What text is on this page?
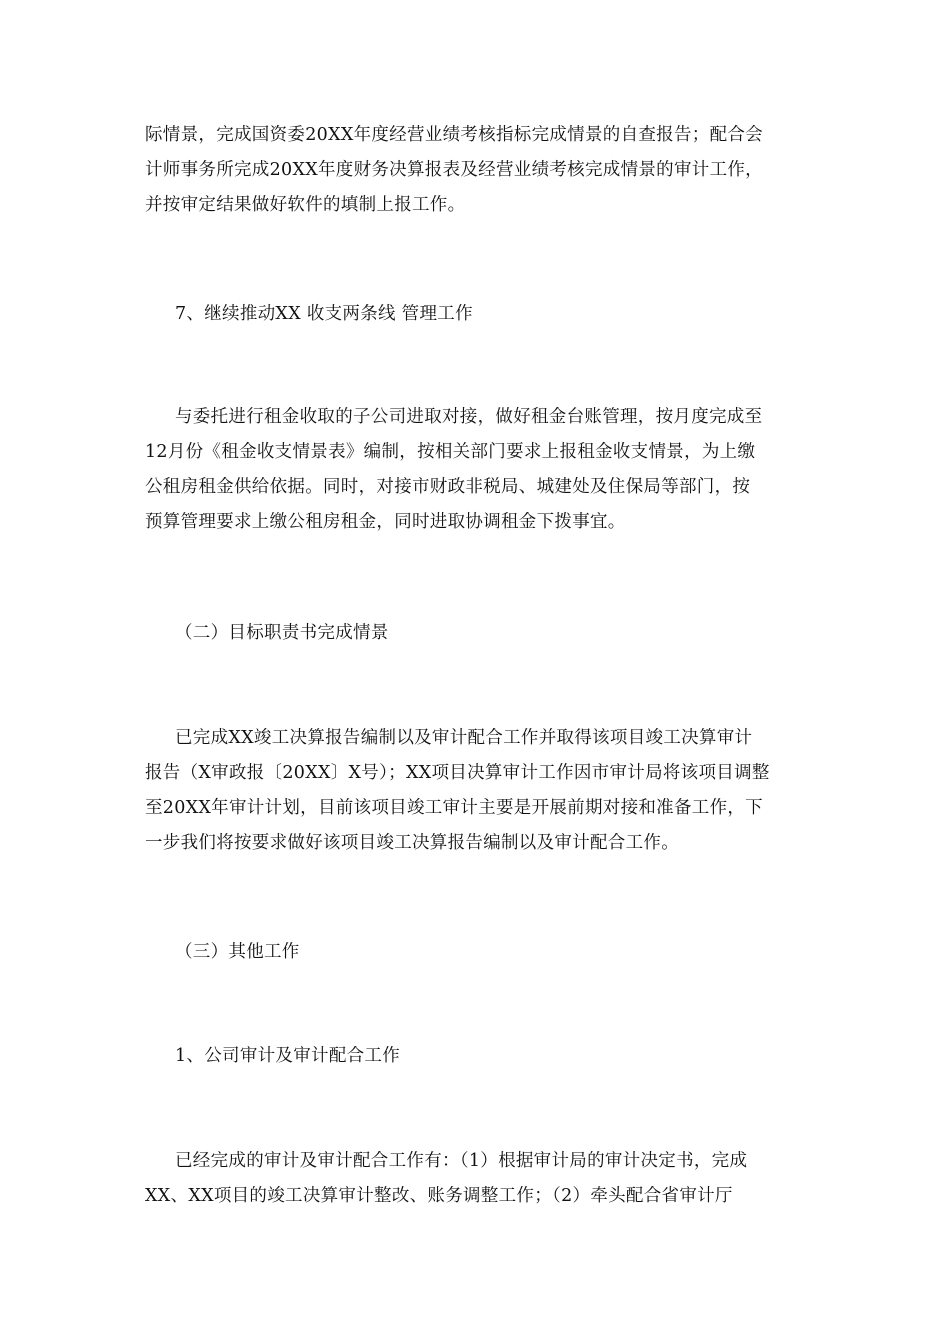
际情景，完成国资委20XX年度经营业绩考核指标完成情景的自查报告；配合会
计师事务所完成20XX年度财务决算报表及经营业绩考核完成情景的审计工作，
并按审定结果做好软件的填制上报工作。
7、继续推动XX 收支两条线 管理工作
与委托进行租金收取的子公司进取对接，做好租金台账管理，按月度完成至
12月份《租金收支情景表》编制，按相关部门要求上报租金收支情景，为上缴
公租房租金供给依据。同时，对接市财政非税局、城建处及住保局等部门，按
预算管理要求上缴公租房租金，同时进取协调租金下拨事宜。
（二）目标职责书完成情景
已完成XX竣工决算报告编制以及审计配合工作并取得该项目竣工决算审计
报告（X审政报〔20XX〕X号）；XX项目决算审计工作因市审计局将该项目调整
至20XX年审计计划，目前该项目竣工审计主要是开展前期对接和准备工作，下
一步我们将按要求做好该项目竣工决算报告编制以及审计配合工作。
（三）其他工作
1、公司审计及审计配合工作
已经完成的审计及审计配合工作有：（1）根据审计局的审计决定书，完成
XX、XX项目的竣工决算审计整改、账务调整工作；（2）牵头配合省审计厅
